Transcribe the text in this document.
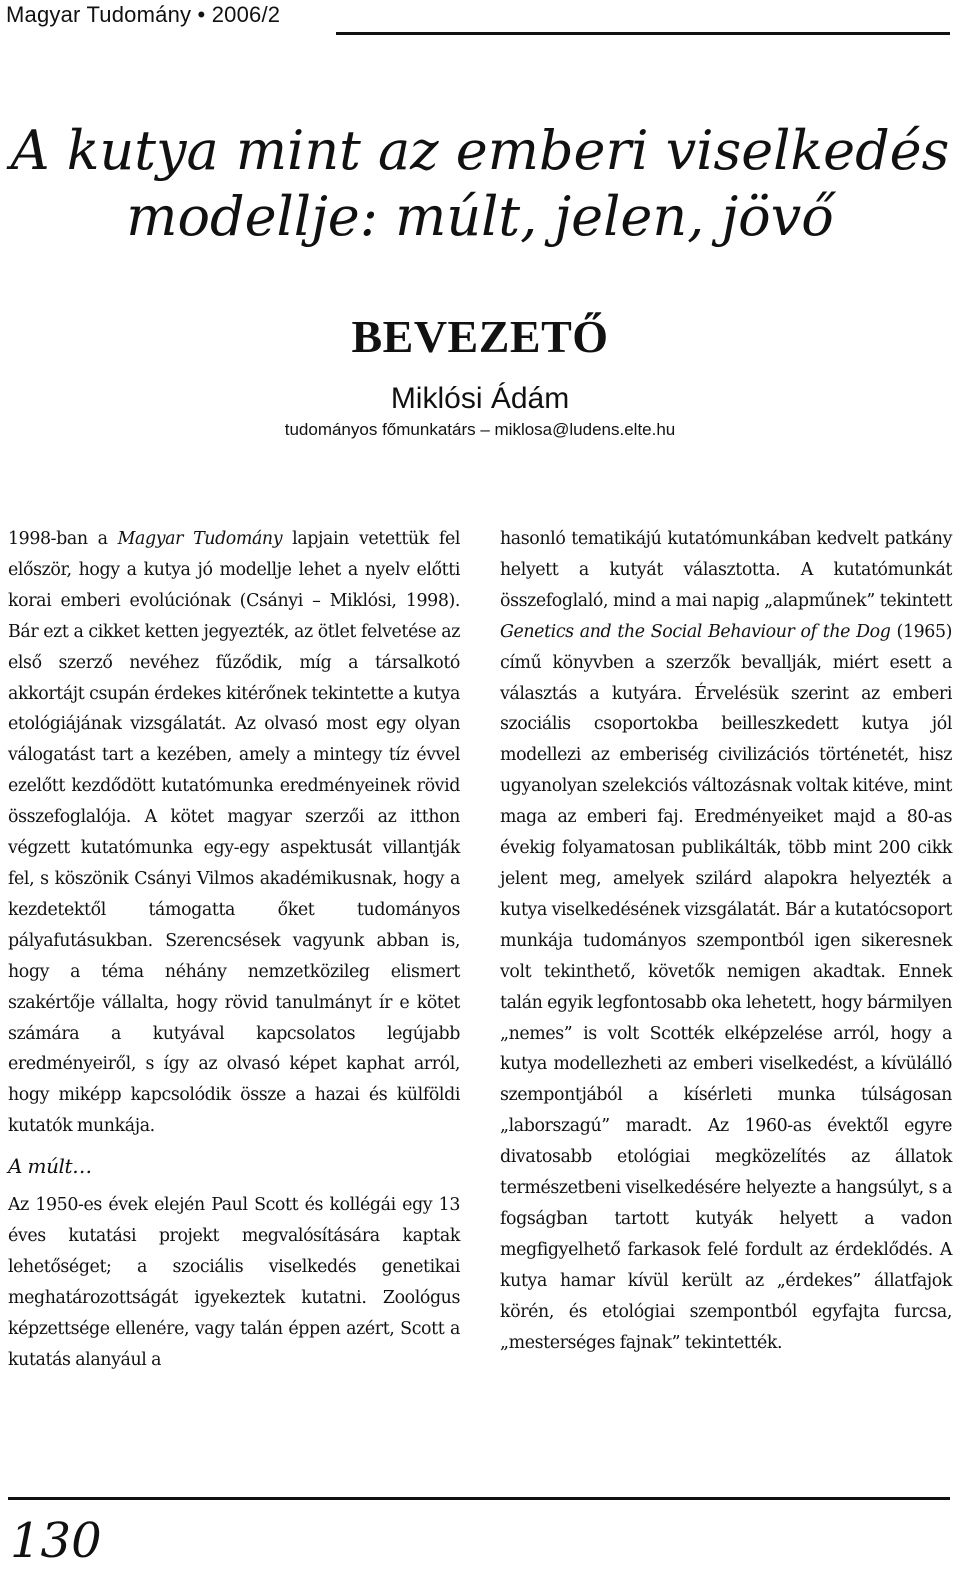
Magyar Tudomány • 2006/2
A kutya mint az emberi viselkedés
modellje: múlt, jelen, jövő
BEVEZETŐ
Miklósi Ádám
tudományos főmunkatárs – miklosa@ludens.elte.hu

1998-ban a Magyar Tudomány lapjain vetettük fel először, hogy a kutya jó modellje lehet a nyelv előtti korai emberi evolúciónak (Csányi – Miklósi, 1998). Bár ezt a cikket ketten jegyezték, az ötlet felvetése az első szerző nevéhez fűződik, míg a társalkotó akkortájt csupán érdekes kitérőnek tekintette a kutya etológiájának vizsgálatát. Az olvasó most egy olyan válogatást tart a kezében, amely a mintegy tíz évvel ezelőtt kezdődött kutatómunka eredményeinek rövid összefoglalója. A kötet magyar szerzői az itthon végzett kutatómunka egy-egy aspektusát villantják fel, s köszönik Csányi Vilmos akadémikusnak, hogy a kezdetektől támogatta őket tudományos pályafutásukban. Szerencsések vagyunk abban is, hogy a téma néhány nemzetközileg elismert szakértője vállalta, hogy rövid tanulmányt ír e kötet számára a kutyával kapcsolatos legújabb eredményeiről, s így az olvasó képet kaphat arról, hogy miképp kapcsolódik össze a hazai és külföldi kutatók munkája.

A múlt…

Az 1950-es évek elején Paul Scott és kollégái egy 13 éves kutatási projekt megvalósítására kaptak lehetőséget; a szociális viselkedés genetikai meghatározottságát igyekeztek kutatni. Zoológus képzettsége ellenére, vagy talán éppen azért, Scott a kutatás alanyául a

hasonló tematikájú kutatómunkában kedvelt patkány helyett a kutyát választotta. A kutatómunkát összefoglaló, mind a mai napig „alapműnek” tekintett Genetics and the Social Behaviour of the Dog (1965) című könyvben a szerzők bevallják, miért esett a választás a kutyára. Érvelésük szerint az emberi szociális csoportokba beilleszkedett kutya jól modellezi az emberiség civilizációs történetét, hisz ugyanolyan szelekciós változásnak voltak kitéve, mint maga az emberi faj. Eredményeiket majd a 80-as évekig folyamatosan publikálták, több mint 200 cikk jelent meg, amelyek szilárd alapokra helyezték a kutya viselkedésének vizsgálatát. Bár a kutatócsoport munkája tudományos szempontból igen sikeresnek volt tekinthető, követők nemigen akadtak. Ennek talán egyik legfontosabb oka lehetett, hogy bármilyen „nemes” is volt Scotték elképzelése arról, hogy a kutya modellezheti az emberi viselkedést, a kívülálló szempontjából a kísérleti munka túlságosan „laborszagú” maradt. Az 1960-as évektől egyre divatosabb etológiai megközelítés az állatok természetbeni viselkedésére helyezte a hangsúlyt, s a fogságban tartott kutyák helyett a vadon megfigyelhető farkasok felé fordult az érdeklődés. A kutya hamar kívül került az „érdekes” állatfajok körén, és etológiai szempontból egyfajta furcsa, „mesterséges fajnak” tekintették.

130
